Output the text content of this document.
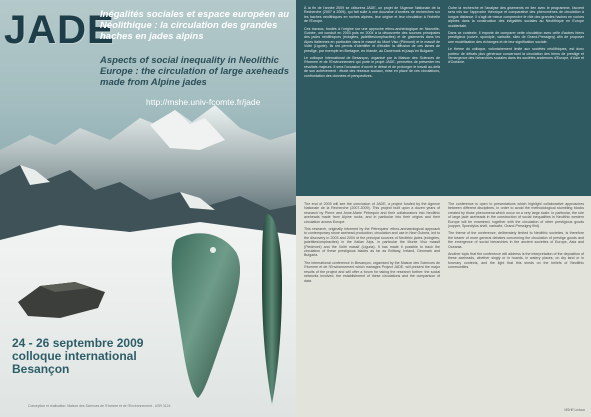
JADE
Inégalités sociales et espace européen au Néolithique : la circulation des grandes haches en jades alpins
Aspects of social inequality in Neolithic Europe : the circulation of large axeheads made from Alpine jades
http://mshe.univ-fcomte.fr/jade
24 - 26 septembre 2009
colloque international
Besançon
Conception et réalisation: Maison des Sciences de l'Homme et de l'Environnement - USR 3124

À la fin de l'année 2009 se clôturera JADE, un projet de l'Agence Nationale de la Recherche (2007 à 2009), qui fait suite à une douzaine d'années de recherches sur les haches néolithiques en roches alpines, leur origine et leur circulation à l'échelle de l'Europe.

Ces travaux, fondés à l'origine sur une approche ethno-archéologique en Nouvelle-Guinée, ont conduit en 2003 puis en 2004 à la découverte des sources principales des jades néolithiques (éclogites, jadéitites/omphacites) et de gisements dans les Alpes italiennes en particulier dans le massif du Mont Viso (Piémont) et le massif de Voltri (Ligurie). Ils ont permis d'identifier et d'étudier la diffusion de ces lames de prestige, par exemple en Bretagne, en Irlande, au Danemark et jusqu'en Bulgarie.

Le colloque international de Besançon, organisé par la Maison des Sciences de l'Homme et de l'Environnement qui porte le projet JADE, permettra de présenter les résultats majeurs. Il sera l'occasion d'ouvrir le débat et de prolonger le travail au-delà de son achèvement : étude des réseaux sociaux, mise en place de ces circulations, confrontation des données et perspectives.

Outre la recherche et l'analyse des gisements en lien avec le programme, l'accent sera mis sur l'approche théorique et comparative des phénomènes de circulation à longue distance. Il s'agit de mieux comprendre le rôle des grandes haches en roches alpines dans la construction des inégalités sociales au Néolithique en Europe occidentale.

Dans ce contexte, il importe de comparer cette circulation avec celle d'autres biens prestigieux (cuivre, spondyle, variscite, silex de Grand-Pressigny) afin de proposer une modélisation des échanges et de leur signification sociale.

Le thème du colloque, volontairement limité aux sociétés néolithiques, est donc porteur de débats plus généraux concernant la circulation des biens de prestige et l'émergence des hiérarchies sociales dans les sociétés anciennes d'Europe, d'Asie et d'Océanie.

The end of 2009 will see the conclusion of JADE, a project funded by the Agence Nationale de la Recherche (2007-2009). This project built upon a dozen years of research by Pierre and Anne-Marie Pétrequin and their collaborators into Neolithic axeheads made from Alpine rocks, and in particular into their origins and their circulation across Europe.

This research, originally informed by the Pétrequins' ethno-archaeological approach to contemporary stone axehead production, circulation and use in New Guinea, led to the discovery in 2003 and 2004 of the principal sources of Neolithic jades (eclogites, jadeitites/omphacites) in the Italian Alps, in particular the Monte Viso massif (Piedmont) and the Voltri massif (Liguria). It has made it possible to track the circulation of these prestigious blades as far as Brittany, Ireland, Denmark and Bulgaria.

The international conference in Besançon, organised by the Maison des Sciences de l'Homme et de l'Environnement which manages Project JADE, will present the major results of the project and will offer a forum for taking the research further: the social networks involved, the establishment of these circulations and the comparison of data.

The conference is open to presentations which highlight collaborative approaches between different disciplines, in order to avoid the methodological stumbling blocks created by those phenomena which occur on a very large scale. In particular, the role of large jade axeheads in the construction of social inequalities in Neolithic western Europe will be examined, together with the circulation of other prestigious goods (copper, Spondylus shell, variscite, Grand-Pressigny flint).

The theme of the conference, deliberately limited to Neolithic societies, is therefore the bearer of more general debates concerning the circulation of prestige goods and the emergence of social hierarchies in the ancient societies of Europe, Asia and Oceania.

Another topic that the conference will address is the interpretation of the deposition of these axeheads, whether singly or in hoards, in watery places, on dry land or in funerary contexts, and the light that this sheds on the beliefs of Neolithic communities.

MSHE Ledoux
